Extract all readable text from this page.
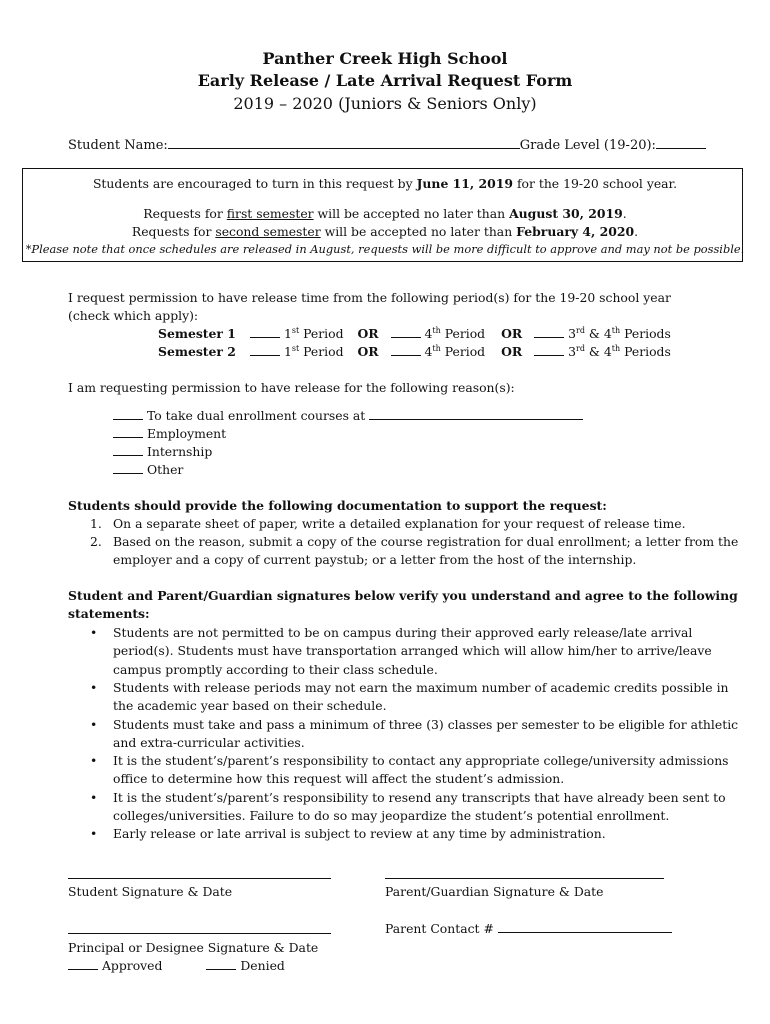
Panther Creek High School
Early Release / Late Arrival Request Form
2019 – 2020 (Juniors & Seniors Only)
Student Name:	Grade Level (19-20):
Students are encouraged to turn in this request by June 11, 2019 for the 19-20 school year.
Requests for first semester will be accepted no later than August 30, 2019.
Requests for second semester will be accepted no later than February 4, 2020.
*Please note that once schedules are released in August, requests will be more difficult to approve and may not be possible.
I request permission to have release time from the following period(s) for the 19-20 school year
(check which apply):
Semester 1	1st Period OR	4th Period OR	3rd & 4th Periods
Semester 2	1st Period OR	4th Period OR	3rd & 4th Periods
I am requesting permission to have release for the following reason(s):
To take dual enrollment courses at
Employment
Internship
Other
Students should provide the following documentation to support the request:
1. On a separate sheet of paper, write a detailed explanation for your request of release time.
2. Based on the reason, submit a copy of the course registration for dual enrollment; a letter from the
employer and a copy of current paystub; or a letter from the host of the internship.
Student and Parent/Guardian signatures below verify you understand and agree to the following
statements:
• Students are not permitted to be on campus during their approved early release/late arrival
period(s). Students must have transportation arranged which will allow him/her to arrive/leave
campus promptly according to their class schedule.
• Students with release periods may not earn the maximum number of academic credits possible in
the academic year based on their schedule.
• Students must take and pass a minimum of three (3) classes per semester to be eligible for athletic
and extra-curricular activities.
• It is the student’s/parent’s responsibility to contact any appropriate college/university admissions
office to determine how this request will affect the student’s admission.
• It is the student’s/parent’s responsibility to resend any transcripts that have already been sent to
colleges/universities. Failure to do so may jeopardize the student’s potential enrollment.
• Early release or late arrival is subject to review at any time by administration.
Student Signature & Date	Parent/Guardian Signature & Date
Principal or Designee Signature & Date
Parent Contact #
Approved	Denied
